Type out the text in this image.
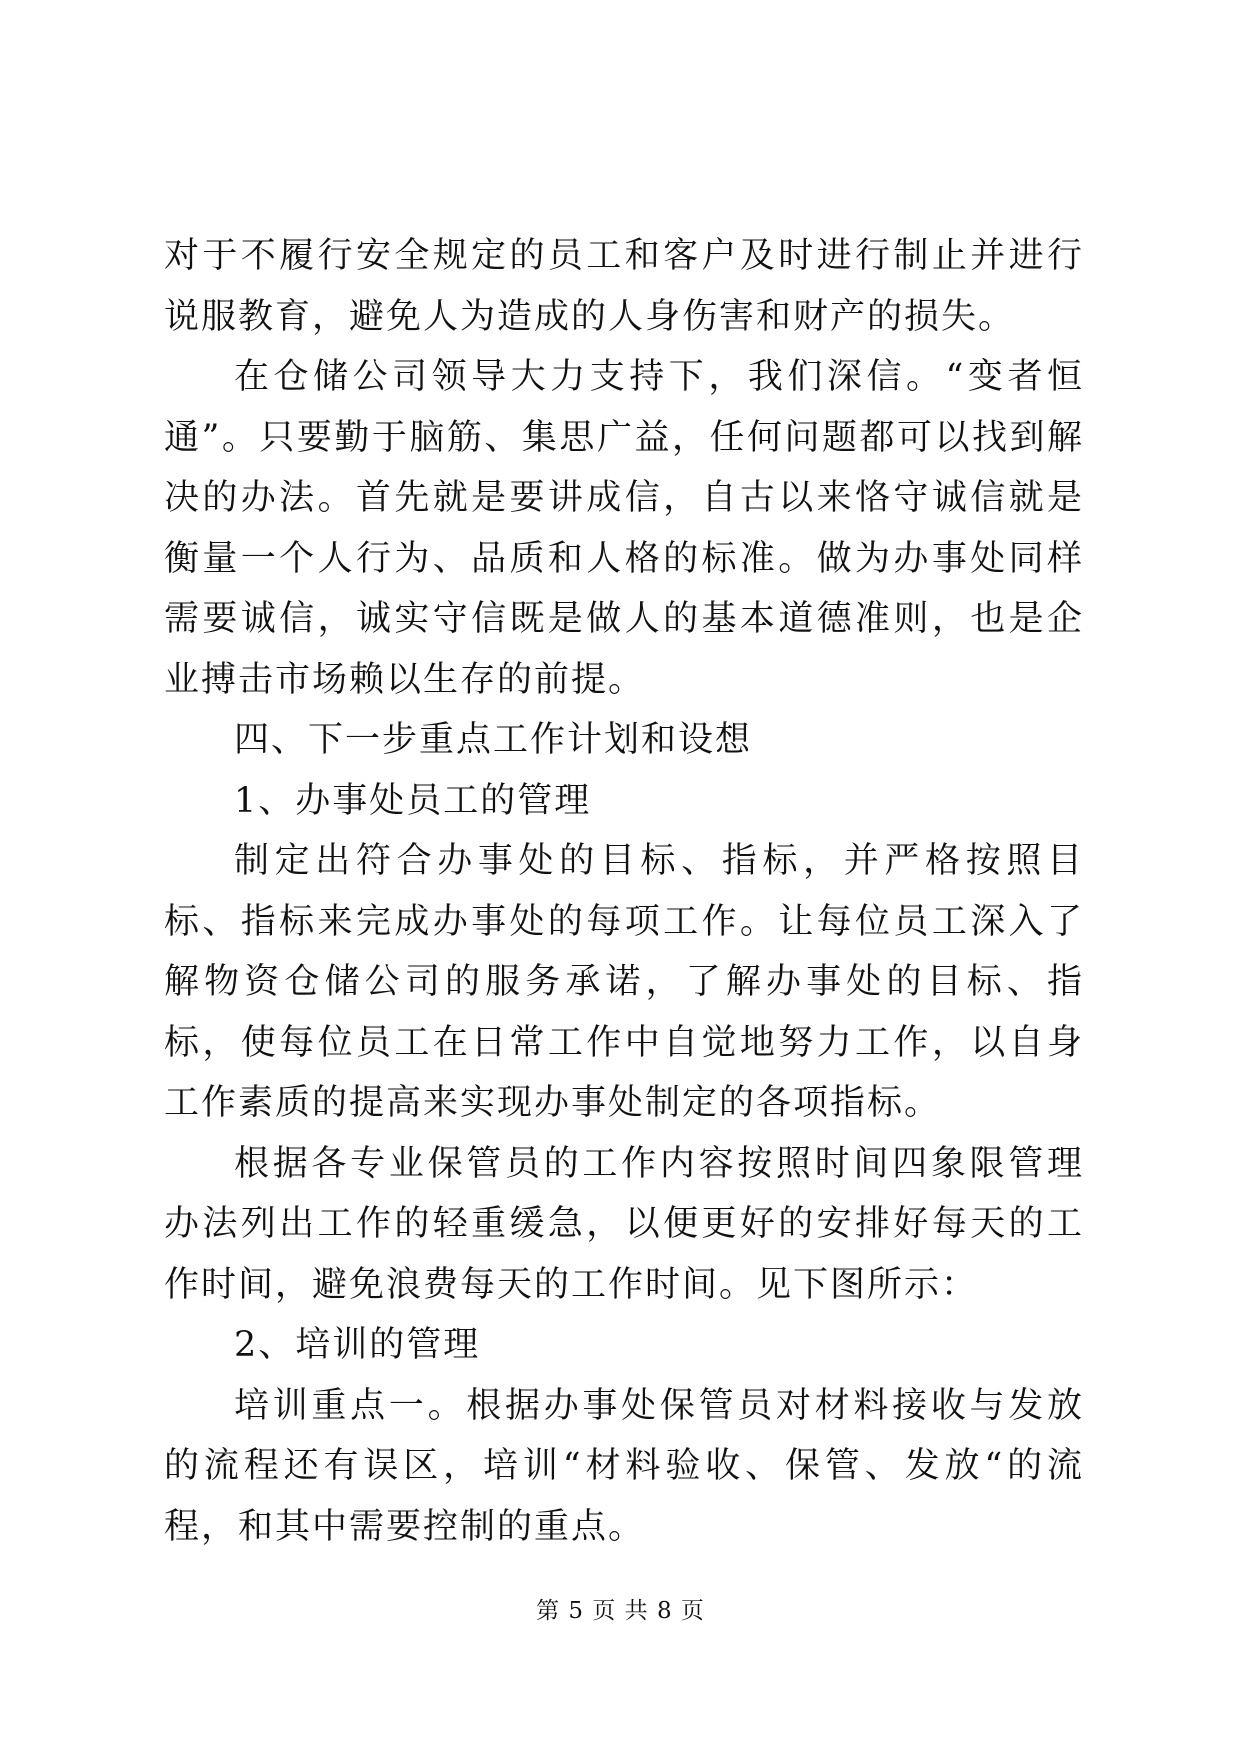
对于不履行安全规定的员工和客户及时进行制止并进行说服教育，避免人为造成的人身伤害和财产的损失。

在仓储公司领导大力支持下，我们深信。“变者恒通”。只要勤于脑筋、集思广益，任何问题都可以找到解决的办法。首先就是要讲成信，自古以来恪守诚信就是衡量一个人行为、品质和人格的标准。做为办事处同样需要诚信，诚实守信既是做人的基本道德准则，也是企业搏击市场赖以生存的前提。

四、下一步重点工作计划和设想

1、办事处员工的管理

制定出符合办事处的目标、指标，并严格按照目标、指标来完成办事处的每项工作。让每位员工深入了解物资仓储公司的服务承诺，了解办事处的目标、指标，使每位员工在日常工作中自觉地努力工作，以自身工作素质的提高来实现办事处制定的各项指标。

根据各专业保管员的工作内容按照时间四象限管理办法列出工作的轻重缓急，以便更好的安排好每天的工作时间，避免浪费每天的工作时间。见下图所示：

2、培训的管理

培训重点一。根据办事处保管员对材料接收与发放的流程还有误区，培训“材料验收、保管、发放“的流程，和其中需要控制的重点。

第 5 页 共 8 页
